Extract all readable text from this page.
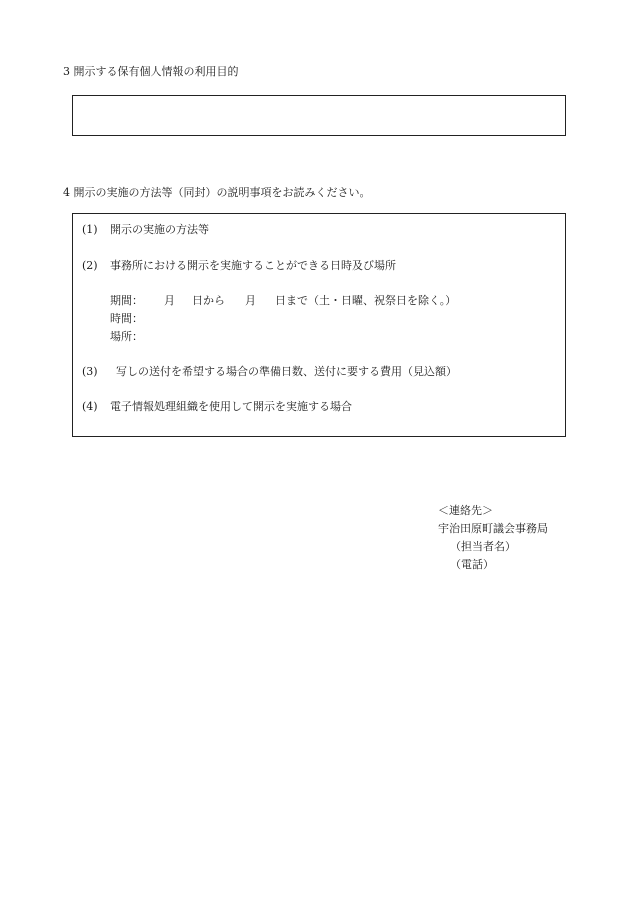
3 開示する保有個人情報の利用目的
4 開示の実施の方法等（同封）の説明事項をお読みください。
(1) 開示の実施の方法等
(2) 事務所における開示を実施することができる日時及び場所
期間： 月 日から 月 日まで（土・日曜、祝祭日を除く。）
時間：
場所：
(3) 写しの送付を希望する場合の準備日数、送付に要する費用（見込額）
(4) 電子情報処理組織を使用して開示を実施する場合
＜連絡先＞
宇治田原町議会事務局
（担当者名）
（電話）
